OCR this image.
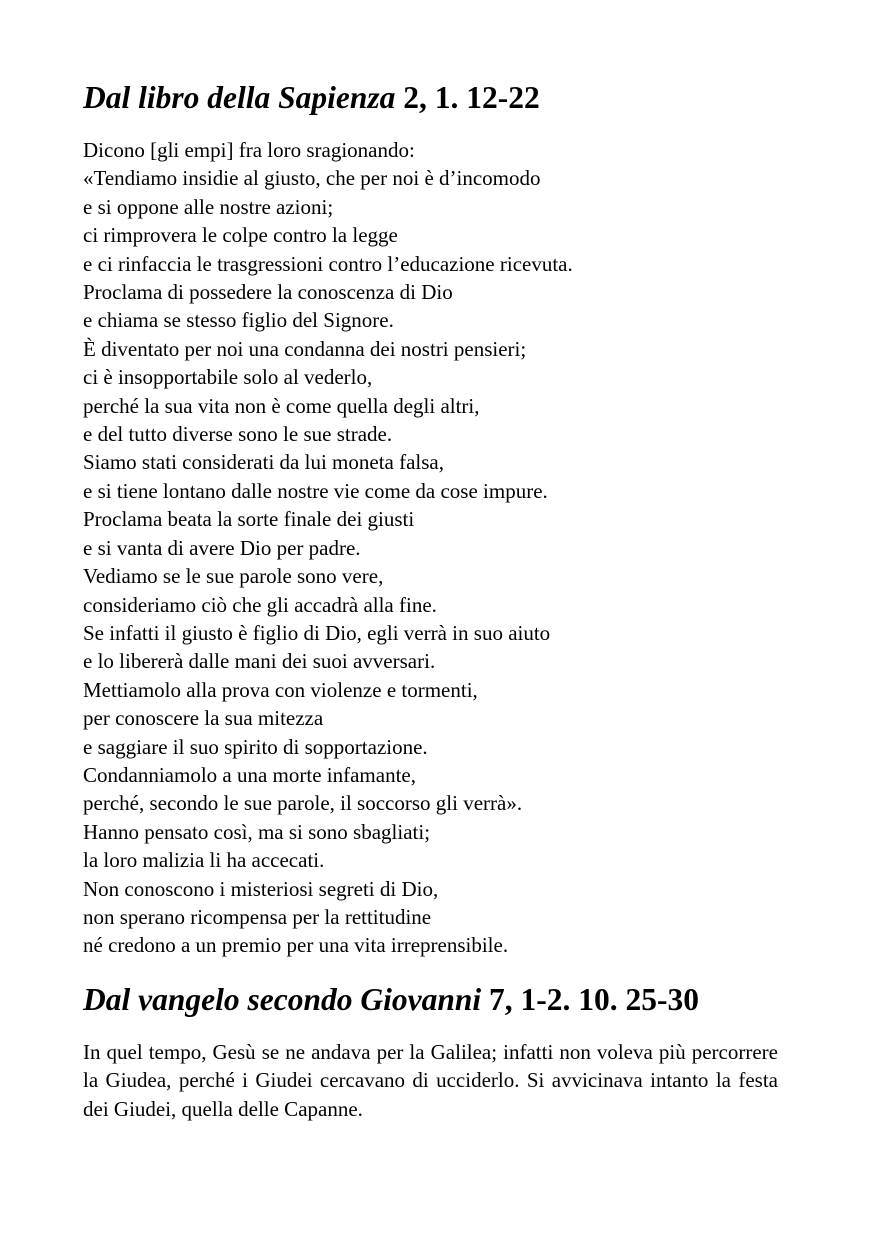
Dal libro della Sapienza 2, 1. 12-22
Dicono [gli empi] fra loro sragionando:
«Tendiamo insidie al giusto, che per noi è d’incomodo
e si oppone alle nostre azioni;
ci rimprovera le colpe contro la legge
e ci rinfaccia le trasgressioni contro l’educazione ricevuta.
Proclama di possedere la conoscenza di Dio
e chiama se stesso figlio del Signore.
È diventato per noi una condanna dei nostri pensieri;
ci è insopportabile solo al vederlo,
perché la sua vita non è come quella degli altri,
e del tutto diverse sono le sue strade.
Siamo stati considerati da lui moneta falsa,
e si tiene lontano dalle nostre vie come da cose impure.
Proclama beata la sorte finale dei giusti
e si vanta di avere Dio per padre.
Vediamo se le sue parole sono vere,
consideriamo ciò che gli accadrà alla fine.
Se infatti il giusto è figlio di Dio, egli verrà in suo aiuto
e lo libererà dalle mani dei suoi avversari.
Mettiamolo alla prova con violenze e tormenti,
per conoscere la sua mitezza
e saggiare il suo spirito di sopportazione.
Condanniamolo a una morte infamante,
perché, secondo le sue parole, il soccorso gli verrà».
Hanno pensato così, ma si sono sbagliati;
la loro malizia li ha accecati.
Non conoscono i misteriosi segreti di Dio,
non sperano ricompensa per la rettitudine
né credono a un premio per una vita irreprensibile.
Dal vangelo secondo Giovanni 7, 1-2. 10. 25-30

In quel tempo, Gesù se ne andava per la Galilea; infatti non voleva più percorrere la Giudea, perché i Giudei cercavano di ucciderlo. Si avvicinava intanto la festa dei Giudei, quella delle Capanne.
